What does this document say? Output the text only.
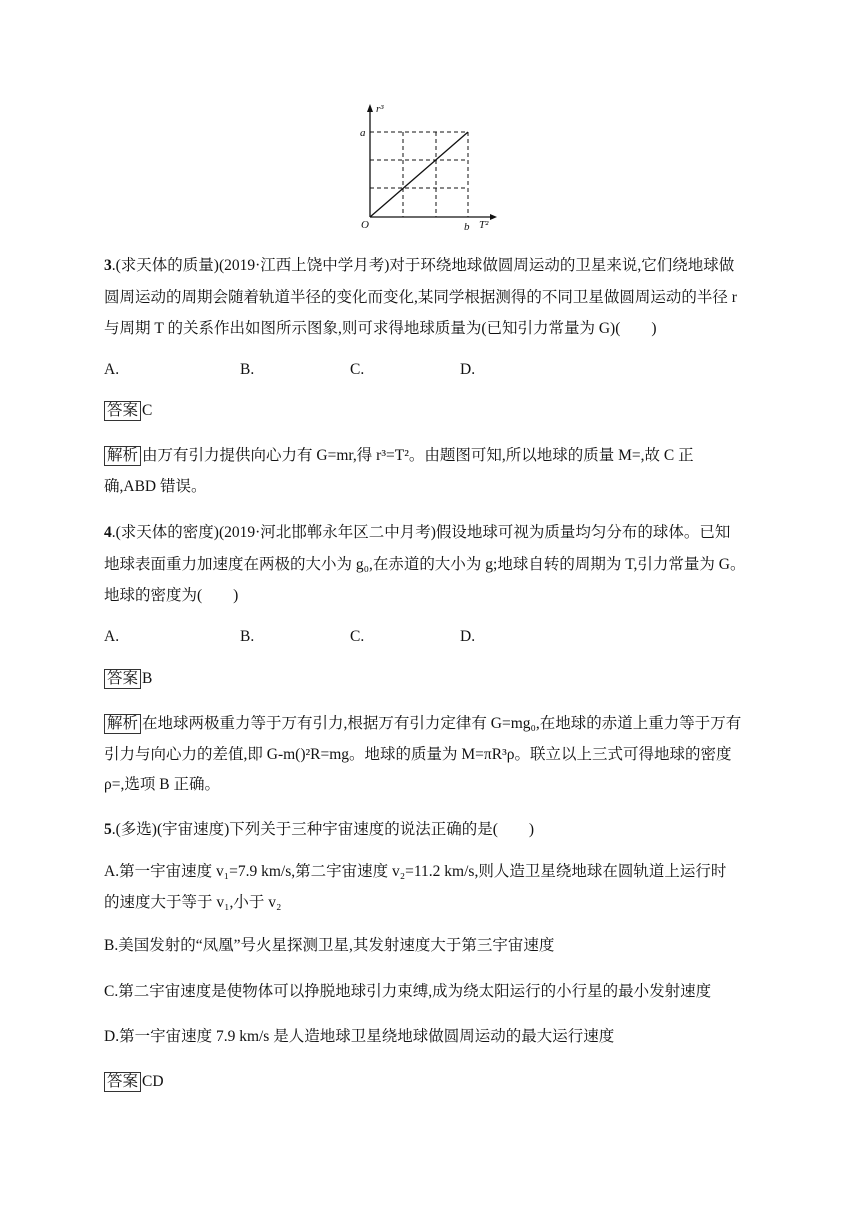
r³
a
O	b T²
3.(求天体的质量)(2019·江西上饶中学月考)对于环绕地球做圆周运动的卫星来说,它们绕地球做
圆周运动的周期会随着轨道半径的变化而变化,某同学根据测得的不同卫星做圆周运动的半径 r
与周期 T 的关系作出如图所示图象,则可求得地球质量为(已知引力常量为 G)(　　)
A.	B.	C.	D.
答案 C
解析 由万有引力提供向心力有 G=mr,得 r³=T²。由题图可知,所以地球的质量 M=,故 C 正
确,ABD 错误。
4.(求天体的密度)(2019·河北邯郸永年区二中月考)假设地球可视为质量均匀分布的球体。已知
地球表面重力加速度在两极的大小为 g₀,在赤道的大小为 g;地球自转的周期为 T,引力常量为 G。
地球的密度为(　　)
A.	B.	C.	D.
答案 B
解析 在地球两极重力等于万有引力,根据万有引力定律有 G=mg₀,在地球的赤道上重力等于万有
引力与向心力的差值,即 G-m()²R=mg。地球的质量为 M=πR³ρ。联立以上三式可得地球的密度
ρ=,选项 B 正确。
5.(多选)(宇宙速度)下列关于三种宇宙速度的说法正确的是(　　)
A.第一宇宙速度 v₁=7.9 km/s,第二宇宙速度 v₂=11.2 km/s,则人造卫星绕地球在圆轨道上运行时
的速度大于等于 v₁,小于 v₂
B.美国发射的“凤凰”号火星探测卫星,其发射速度大于第三宇宙速度
C.第二宇宙速度是使物体可以挣脱地球引力束缚,成为绕太阳运行的小行星的最小发射速度
D.第一宇宙速度 7.9 km/s 是人造地球卫星绕地球做圆周运动的最大运行速度
答案 CD
